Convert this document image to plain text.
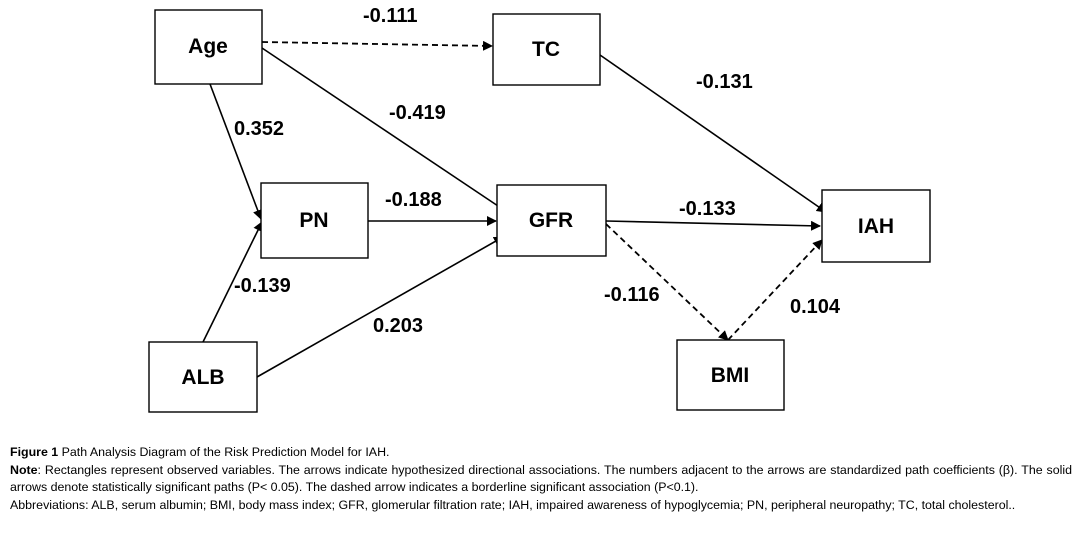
Age	TC
PN	GFR	IAH
ALB	BMI
-0.111
-0.131
-0.419
0.352
-0.188	-0.133
-0.139
0.203
-0.116
0.104

Figure 1 Path Analysis Diagram of the Risk Prediction Model for IAH.

Note: Rectangles represent observed variables. The arrows indicate hypothesized directional associations. The numbers adjacent to the arrows are standardized path coefficients (β). The solid arrows denote statistically significant paths (P< 0.05). The dashed arrow indicates a borderline significant association (P<0.1).

Abbreviations: ALB, serum albumin; BMI, body mass index; GFR, glomerular filtration rate; IAH, impaired awareness of hypoglycemia; PN, peripheral neuropathy; TC, total cholesterol..
